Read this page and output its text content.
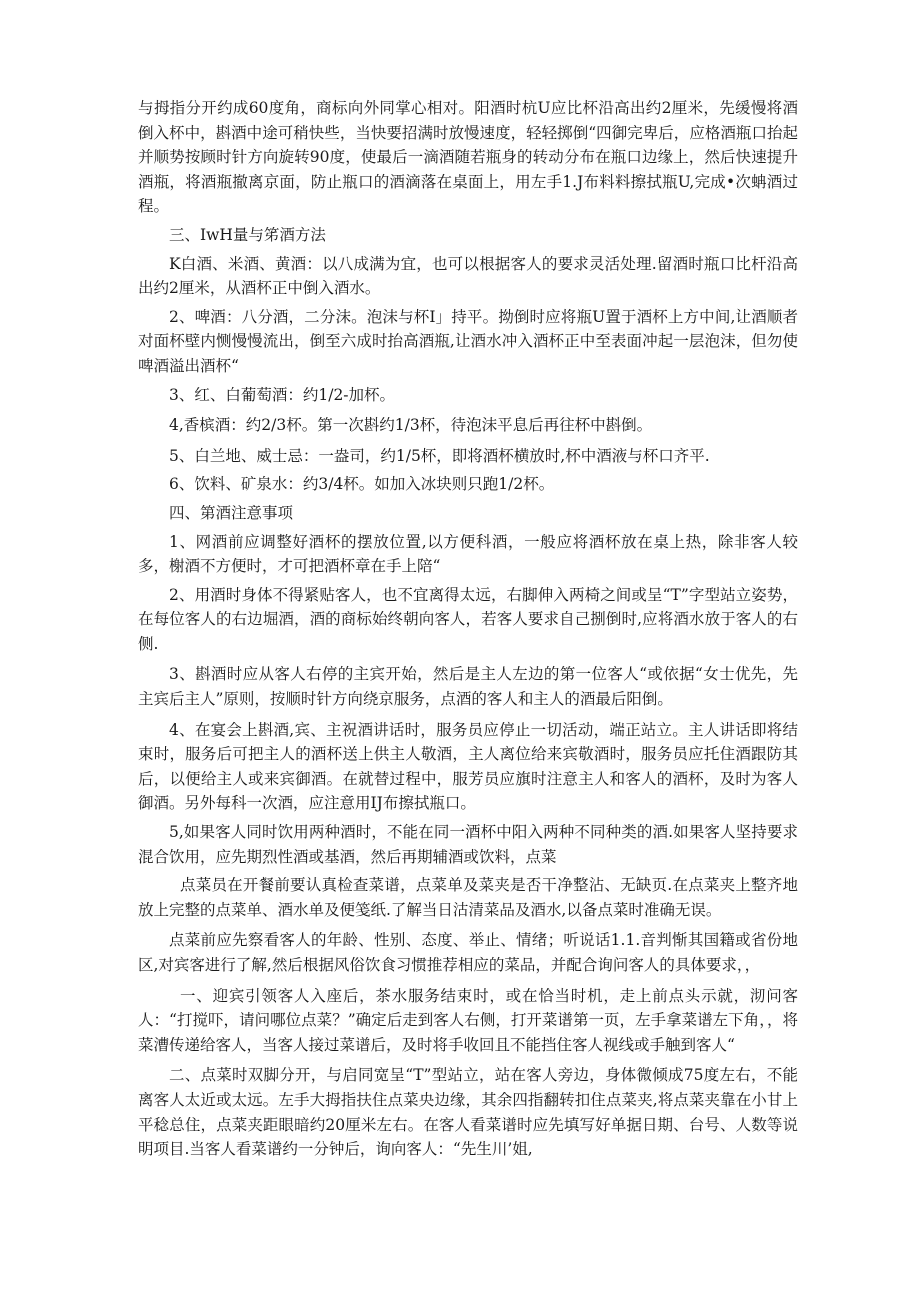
与拇指分开约成60度角，商标向外同掌心相对。阳酒时杭U应比杯沿高出约2厘米，先缓慢将酒倒入杯中，斟酒中途可稍快些，当快要招满时放慢速度，轻轻掷倒“四御完卑后，应格酒瓶口抬起并顺势按顾时针方向旋转90度，使最后一滴酒随若瓶身的转动分布在瓶口边缘上，然后快速提升酒瓶，将酒瓶撤离京面，防止瓶口的酒滴落在桌面上，用左手1.J布料料擦拭瓶U,完成•次蚺酒过程。

三、IwH量与笫酒方法

K白酒、米酒、黄酒：以八成满为宜，也可以根据客人的要求灵活处理.留酒时瓶口比杆沿高出约2厘米，从酒杯正中倒入酒水。

2、啤酒：八分酒，二分沫。泡沫与杯I」持平。拗倒时应将瓶U置于酒杯上方中间,让酒顺者对面杯壁内恻慢慢流出，倒至六成时抬高酒瓶,让酒水冲入酒杯正中至表面冲起一层泡沫，但勿使啤酒溢出酒杯“

3、红、白葡萄酒：约1/2-加杯。

4,香槟酒：约2/3杯。第一次斟约1/3杯，待泡沫平息后再往杯中斟倒。

5、白兰地、威士忌：一盎司，约1/5杯，即将酒杯横放时,杯中酒液与杯口齐平.

6、饮料、矿泉水：约3/4杯。如加入冰块则只跑1/2杯。

四、第酒注意事项

1、网酒前应调整好酒杯的摆放位置,以方便科酒，一般应将酒杯放在桌上热，除非客人较多，榭酒不方便时，才可把酒杯章在手上陪“

2、用酒时身体不得紧贴客人，也不宜离得太远，右脚伸入两椅之间或呈“T”字型站立姿势，在每位客人的右边堀酒，酒的商标始终朝向客人，若客人要求自己捌倒时,应将酒水放于客人的右侧.

3、斟酒时应从客人右停的主宾开始，然后是主人左边的第一位客人“或依据“女士优先，先主宾后主人”原则，按顺时针方向绕京服务，点酒的客人和主人的酒最后阳倒。

4、在宴会上斟酒,宾、主祝酒讲话时，服务员应停止一切活动，端正站立。主人讲话即将结束时，服务后可把主人的酒杯送上供主人敬酒，主人离位给来宾敬酒时，服务员应托住酒跟防其后，以便给主人或来宾御酒。在就替过程中，服芳员应旗时注意主人和客人的酒杯，及时为客人御酒。另外每科一次酒，应注意用IJ布擦拭瓶口。

5,如果客人同时饮用两种酒时，不能在同一酒杯中阳入两种不同种类的酒.如果客人坚持要求混合饮用，应先期烈性酒或基酒，然后再期辅酒或饮料，点菜

点菜员在开餐前要认真检查菜谱，点菜单及菜夹是否干净整沾、无缺页.在点菜夹上整齐地放上完整的点菜单、酒水单及便笺纸.了解当日沽清菜品及酒水,以备点菜时准确无误。

点菜前应先察看客人的年龄、性别、态度、举止、情绪；听说话1.1.音判惭其国籍或省份地区,对宾客进行了解,然后根据风俗饮食习惯推荐相应的菜品，并配合询问客人的具体要求，，

一、迎宾引领客人入座后，茶水服务结束时，或在恰当时机，走上前点头示就，沏问客人：“打搅吓，请问哪位点菜？”确定后走到客人右侧，打开菜谱第一页，左手拿菜谱左下角，，将菜漕传递给客人，当客人接过菜谱后，及时将手收回且不能挡住客人视线或手触到客人“

二、点菜时双脚分开，与启同宽呈“T”型站立，站在客人旁边，身体微倾成75度左右，不能离客人太近或太远。左手大拇指扶住点菜央边缘，其余四指翻转扣住点菜夹,将点菜夹靠在小甘上平稔总住，点菜夹距眼暗约20厘米左右。在客人看菜谱时应先填写好单据日期、台号、人数等说明项目.当客人看菜谱约一分钟后，询向客人：“先生川’姐,
